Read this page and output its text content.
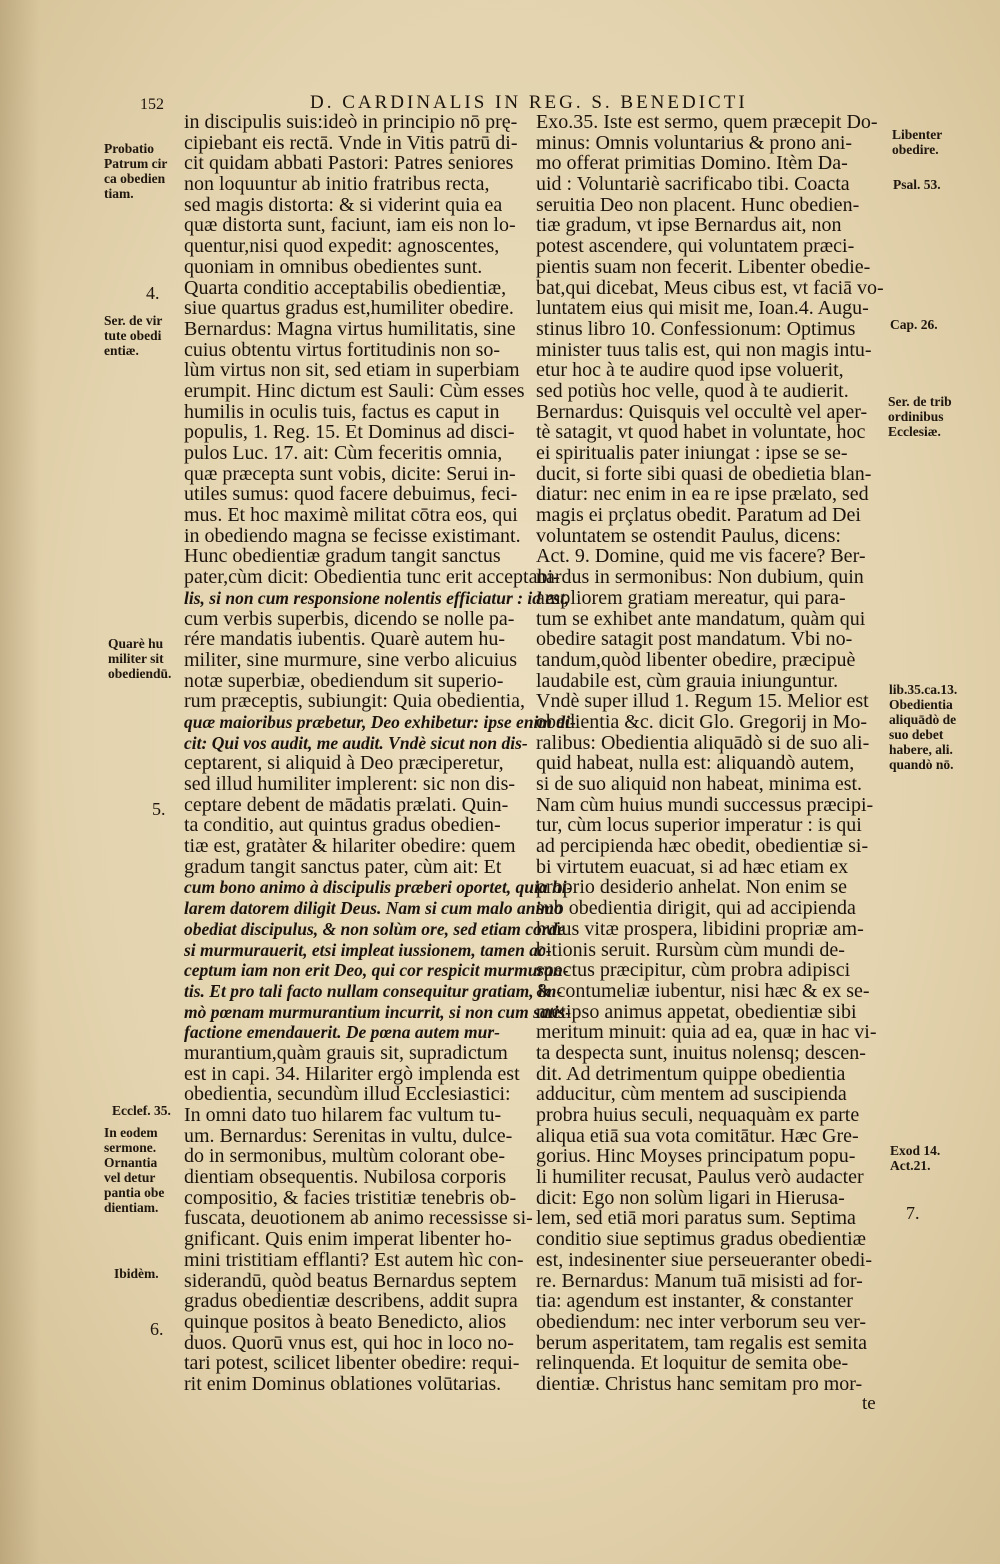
152	D. CARDINALIS IN REG. S. BENEDICTI
in discipulis suis:ideò in principio nō prę-
cipiebant eis rectā. Vnde in Vitis patrū di-
cit quidam abbati Pastori: Patres seniores
non loquuntur ab initio fratribus recta,
sed magis distorta: & si viderint quia ea
quæ distorta sunt, faciunt, iam eis non lo-
quentur,nisi quod expedit: agnoscentes,
quoniam in omnibus obedientes sunt.
Quarta conditio acceptabilis obedientiæ,
siue quartus gradus est,humiliter obedire.
Bernardus: Magna virtus humilitatis, sine
cuius obtentu virtus fortitudinis non so-
lùm virtus non sit, sed etiam in superbiam
erumpit. Hinc dictum est Sauli: Cùm esses
humilis in oculis tuis, factus es caput in
populis, 1. Reg. 15. Et Dominus ad disci-
pulos Luc. 17. ait: Cùm feceritis omnia,
quæ præcepta sunt vobis, dicite: Serui in-
utiles sumus: quod facere debuimus, feci-
mus. Et hoc maximè militat cōtra eos, qui
in obediendo magna se fecisse existimant.
Hunc obedientiæ gradum tangit sanctus
pater,cùm dicit: Obedientia tunc erit acceptabi-
lis, si non cum responsione nolentis efficiatur : id est,
cum verbis superbis, dicendo se nolle pa-
rére mandatis iubentis. Quarè autem hu-
militer, sine murmure, sine verbo alicuius
notæ superbiæ, obediendum sit superio-
rum præceptis, subiungit: Quia obedientia,
quæ maioribus præbetur, Deo exhibetur: ipse enim di-
cit: Qui vos audit, me audit. Vndè sicut non dis-
ceptarent, si aliquid à Deo præciperetur,
sed illud humiliter implerent: sic non dis-
ceptare debent de mādatis prælati. Quin-
ta conditio, aut quintus gradus obedien-
tiæ est, gratàter & hilariter obedire: quem
gradum tangit sanctus pater, cùm ait: Et
cum bono animo à discipulis præberi oportet, quia hi-
larem datorem diligit Deus. Nam si cum malo animo
obediat discipulus, & non solùm ore, sed etiam corde
si murmurauerit, etsi impleat iussionem, tamen ac-
ceptum iam non erit Deo, qui cor respicit murmuran-
tis. Et pro tali facto nullam consequitur gratiam, im-
mò pœnam murmurantium incurrit, si non cum satis-
factione emendauerit. De pœna autem mur-
murantium,quàm grauis sit, supradictum
est in capi. 34. Hilariter ergò implenda est
obedientia, secundùm illud Ecclesiastici:
In omni dato tuo hilarem fac vultum tu-
um. Bernardus: Serenitas in vultu, dulce-
do in sermonibus, multùm colorant obe-
dientiam obsequentis. Nubilosa corporis
compositio, & facies tristitiæ tenebris ob-
fuscata, deuotionem ab animo recessisse si-
gnificant. Quis enim imperat libenter ho-
mini tristitiam efflanti? Est autem hìc con-
siderandū, quòd beatus Bernardus septem
gradus obedientiæ describens, addit supra
quinque positos à beato Benedicto, alios
duos. Quorū vnus est, qui hoc in loco no-
tari potest, scilicet libenter obedire: requi-
rit enim Dominus oblationes volūtarias.
Exo.35. Iste est sermo, quem præcepit Do-
minus: Omnis voluntarius & prono ani-
mo offerat primitias Domino. Itèm Da-
uid : Voluntariè sacrificabo tibi. Coacta
seruitia Deo non placent. Hunc obedien-
tiæ gradum, vt ipse Bernardus ait, non
potest ascendere, qui voluntatem præci-
pientis suam non fecerit. Libenter obedie-
bat,qui dicebat, Meus cibus est, vt faciā vo-
luntatem eius qui misit me, Ioan.4. Augu-
stinus libro 10. Confessionum: Optimus
minister tuus talis est, qui non magis intu-
etur hoc à te audire quod ipse voluerit,
sed potiùs hoc velle, quod à te audierit.
Bernardus: Quisquis vel occultè vel aper-
tè satagit, vt quod habet in voluntate, hoc
ei spiritualis pater iniungat : ipse se se-
ducit, si forte sibi quasi de obedietia blan-
diatur: nec enim in ea re ipse prælato, sed
magis ei prçlatus obedit. Paratum ad Dei
voluntatem se ostendit Paulus, dicens:
Act. 9. Domine, quid me vis facere? Ber-
nardus in sermonibus: Non dubium, quin
ampliorem gratiam mereatur, qui para-
tum se exhibet ante mandatum, quàm qui
obedire satagit post mandatum. Vbi no-
tandum,quòd libenter obedire, præcipuè
laudabile est, cùm grauia iniunguntur.
Vndè super illud 1. Regum 15. Melior est
obedientia &c. dicit Glo. Gregorij in Mo-
ralibus: Obedientia aliquādò si de suo ali-
quid habeat, nulla est: aliquandò autem,
si de suo aliquid non habeat, minima est.
Nam cùm huius mundi successus præcipi-
tur, cùm locus superior imperatur : is qui
ad percipienda hæc obedit, obedientiæ si-
bi virtutem euacuat, si ad hæc etiam ex
proprio desiderio anhelat. Non enim se
sub obedientia dirigit, qui ad accipienda
huius vitæ prospera, libidini propriæ am-
bitionis seruit. Rursùm cùm mundi de-
spectus præcipitur, cùm probra adipisci
& contumeliæ iubentur, nisi hæc & ex se-
metipso animus appetat, obedientiæ sibi
meritum minuit: quia ad ea, quæ in hac vi-
ta despecta sunt, inuitus nolensq; descen-
dit. Ad detrimentum quippe obedientia
adducitur, cùm mentem ad suscipienda
probra huius seculi, nequaquàm ex parte
aliqua etiā sua vota comitātur. Hæc Gre-
gorius. Hinc Moyses principatum popu-
li humiliter recusat, Paulus verò audacter
dicit: Ego non solùm ligari in Hierusa-
lem, sed etiā mori paratus sum. Septima
conditio siue septimus gradus obedientiæ
est, indesinenter siue perseueranter obedi-
re. Bernardus: Manum tuā misisti ad for-
tia: agendum est instanter, & constanter
obediendum: nec inter verborum seu ver-
berum asperitatem, tam regalis est semita
relinquenda. Et loquitur de semita obe-
dientiæ. Christus hanc semitam pro mor-
Probatio
Patrum cir
ca obedien
tiam.
4.
Ser. de vir
tute obedi
entiæ.
Quarè hu
militer sit
obediendū.
5.
Ecclef. 35.
In eodem
sermone.
Ornantia
vel detur
pantia obe
dientiam.
Ibidèm.
6.
Libenter
obedire.
Psal. 53.
Cap. 26.
Ser. de trib
ordinibus
Ecclesiæ.
lib.35.ca.13.
Obedientia
aliquādò de
suo debet
habere, ali.
quandò nō.
Exod 14.
Act.21.
7.
te
